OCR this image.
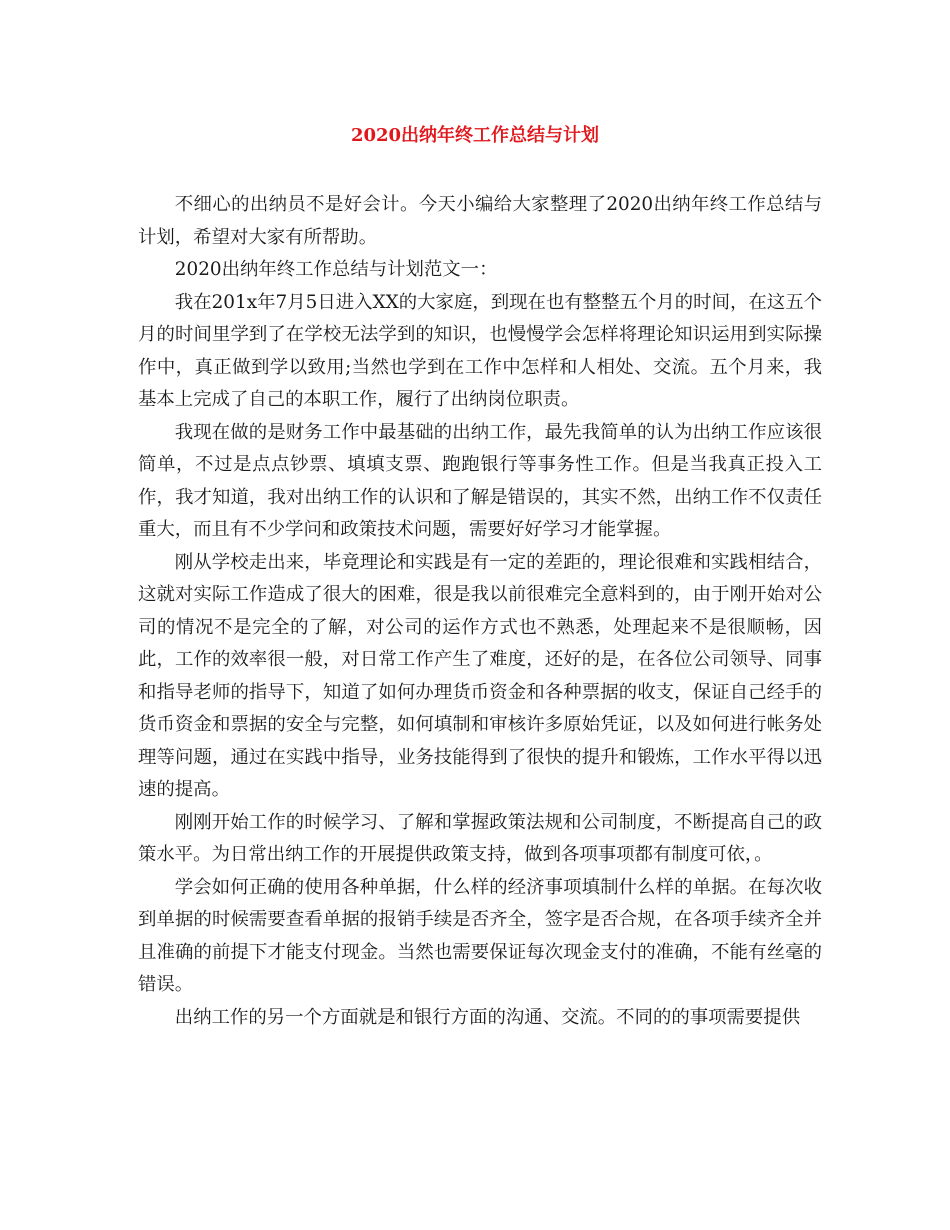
2020出纳年终工作总结与计划

不细心的出纳员不是好会计。今天小编给大家整理了2020出纳年终工作总结与计划，希望对大家有所帮助。

2020出纳年终工作总结与计划范文一：

我在201x年7月5日进入XX的大家庭，到现在也有整整五个月的时间，在这五个月的时间里学到了在学校无法学到的知识，也慢慢学会怎样将理论知识运用到实际操作中，真正做到学以致用;当然也学到在工作中怎样和人相处、交流。五个月来，我基本上完成了自己的本职工作，履行了出纳岗位职责。

我现在做的是财务工作中最基础的出纳工作，最先我简单的认为出纳工作应该很简单，不过是点点钞票、填填支票、跑跑银行等事务性工作。但是当我真正投入工作，我才知道，我对出纳工作的认识和了解是错误的，其实不然，出纳工作不仅责任重大，而且有不少学问和政策技术问题，需要好好学习才能掌握。

刚从学校走出来，毕竟理论和实践是有一定的差距的，理论很难和实践相结合，这就对实际工作造成了很大的困难，很是我以前很难完全意料到的，由于刚开始对公司的情况不是完全的了解，对公司的运作方式也不熟悉，处理起来不是很顺畅，因此，工作的效率很一般，对日常工作产生了难度，还好的是，在各位公司领导、同事和指导老师的指导下，知道了如何办理货币资金和各种票据的收支，保证自己经手的货币资金和票据的安全与完整，如何填制和审核许多原始凭证，以及如何进行帐务处理等问题，通过在实践中指导，业务技能得到了很快的提升和锻炼，工作水平得以迅速的提高。

刚刚开始工作的时候学习、了解和掌握政策法规和公司制度，不断提高自己的政策水平。为日常出纳工作的开展提供政策支持，做到各项事项都有制度可依，。

学会如何正确的使用各种单据，什么样的经济事项填制什么样的单据。在每次收到单据的时候需要查看单据的报销手续是否齐全，签字是否合规，在各项手续齐全并且准确的前提下才能支付现金。当然也需要保证每次现金支付的准确，不能有丝毫的错误。

出纳工作的另一个方面就是和银行方面的沟通、交流。不同的的事项需要提供
